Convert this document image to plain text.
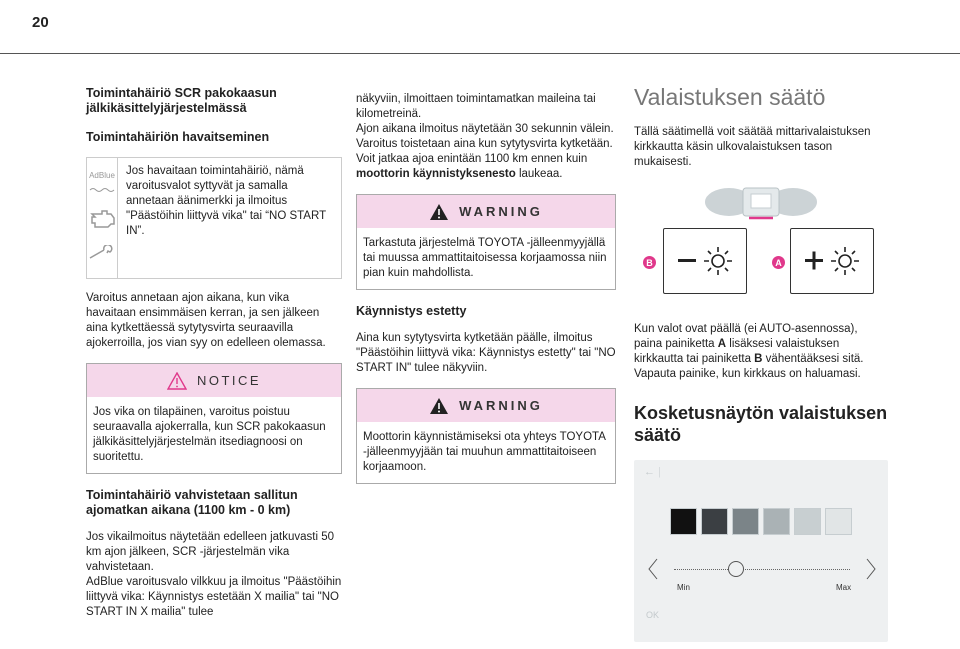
20
Toimintahäiriö SCR pakokaasun jälkikäsittelyjärjestelmässä
Toimintahäiriön havaitseminen
AdBlue Jos havaitaan toimintahäiriö, nämä varoitusvalot syttyvät ja samalla annetaan äänimerkki ja ilmoitus "Päästöihin liittyvä vika" tai “NO START IN”.
Varoitus annetaan ajon aikana, kun vika havaitaan ensimmäisen kerran, ja sen jälkeen aina kytkettäessä sytytysvirta seuraavilla ajokerroilla, jos vian syy on edelleen olemassa.
NOTICE
Jos vika on tilapäinen, varoitus poistuu seuraavalla ajokerralla, kun SCR pakokaasun jälkikäsittelyjärjestelmän itsediagnoosi on suoritettu.
Toimintahäiriö vahvistetaan sallitun ajomatkan aikana (1100 km - 0 km)
Jos vikailmoitus näytetään edelleen jatkuvasti 50 km ajon jälkeen, SCR -järjestelmän vika vahvistetaan.
AdBlue varoitusvalo vilkkuu ja ilmoitus "Päästöihin liittyvä vika: Käynnistys estetään X mailia" tai "NO START IN X mailia" tulee
näkyviin, ilmoittaen toimintamatkan maileina tai kilometreinä.
Ajon aikana ilmoitus näytetään 30 sekunnin välein. Varoitus toistetaan aina kun sytytysvirta kytketään.
Voit jatkaa ajoa enintään 1100 km ennen kuin moottorin käynnistyksenesto laukeaa.
WARNING
Tarkastuta järjestelmä TOYOTA -jälleenmyyjällä tai muussa ammattitaitoisessa korjaamossa niin pian kuin mahdollista.
Käynnistys estetty
Aina kun sytytysvirta kytketään päälle, ilmoitus "Päästöihin liittyvä vika: Käynnistys estetty" tai "NO START IN" tulee näkyviin.
WARNING
Moottorin käynnistämiseksi ota yhteys TOYOTA -jälleenmyyjään tai muuhun ammattitaitoiseen korjaamoon.
Valaistuksen säätö
Tällä säätimellä voit säätää mittarivalaistuksen kirkkautta käsin ulkovalaistuksen tason mukaisesti.
B	A
Kun valot ovat päällä (ei AUTO-asennossa), paina painiketta A lisäksesi valaistuksen kirkkautta tai painiketta B vähentääksesi sitä. Vapauta painike, kun kirkkaus on haluamasi.
Kosketusnäytön valaistuksen säätö
← |
Min	Max
OK
